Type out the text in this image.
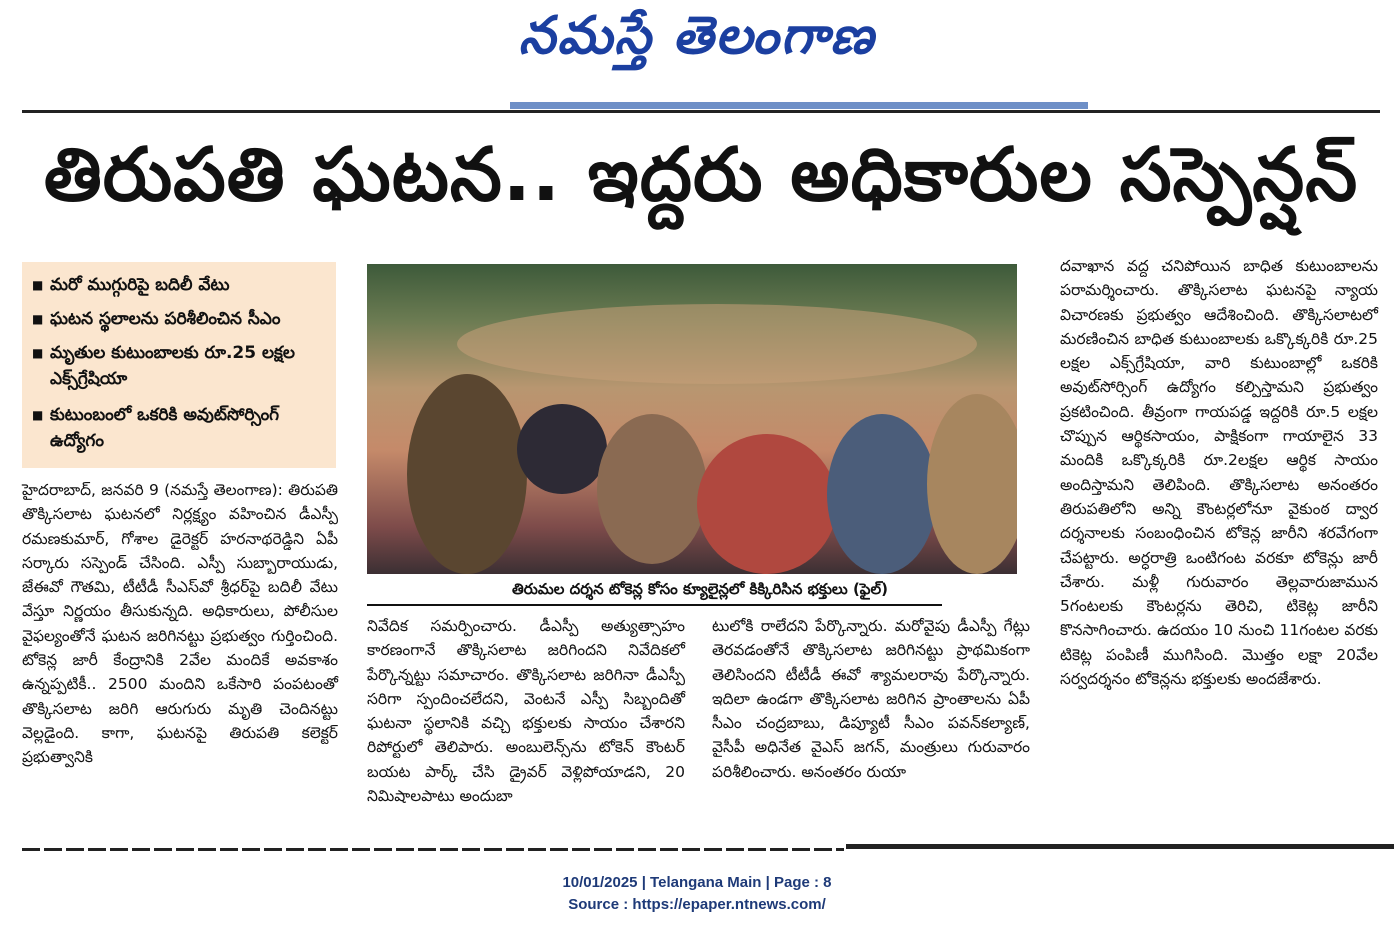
నమస్తే తెలంగాణ
తిరుపతి ఘటన.. ఇద్దరు అధికారుల సస్పెన్షన్‌
■ మరో ముగ్గురిపై బదిలీ వేటు
■ ఘటన స్థలాలను పరిశీలించిన సీఎం
■ మృతుల కుటుంబాలకు రూ.25 లక్షల ఎక్స్‌గ్రేషియా
■ కుటుంబంలో ఒకరికి అవుట్‌సోర్సింగ్‌ ఉద్యోగం
తిరుమల దర్శన టోకెన్ల కోసం క్యూలైన్లలో కిక్కిరిసిన భక్తులు (ఫైల్‌)

హైదరాబాద్‌, జనవరి 9 (నమస్తే తెలంగాణ): తిరుపతి తొక్కిసలాట ఘటనలో నిర్లక్ష్యం వహించిన డీఎస్పీ రమణకుమార్‌, గోశాల డైరెక్టర్‌ హరనాథరెడ్డిని ఏపీ సర్కారు సస్పెండ్‌ చేసింది. ఎస్పీ సుబ్బారాయుడు, జేఈవో గౌతమి, టీటీడీ సీఎస్‌వో శ్రీధర్‌పై బదిలీ వేటు వేస్తూ నిర్ణయం తీసుకున్నది. అధికారులు, పోలీసుల వైఫల్యంతోనే ఘటన జరిగినట్టు ప్రభుత్వం గుర్తించింది. టోకెన్ల జారీ కేంద్రానికి 2వేల మందికే అవకాశం ఉన్నప్పటికీ.. 2500 మందిని ఒకేసారి పంపటంతో తొక్కిసలాట జరిగి ఆరుగురు మృతి చెందినట్టు వెల్లడైంది. కాగా, ఘటనపై తిరుపతి కలెక్టర్‌ ప్రభుత్వానికి

నివేదిక సమర్పించారు. డీఎస్పీ అత్యుత్సాహం కారణంగానే తొక్కిసలాట జరిగిందని నివేదికలో పేర్కొన్నట్టు సమాచారం. తొక్కిసలాట జరిగినా డీఎస్పీ సరిగా స్పందించలేదని, వెంటనే ఎస్పీ సిబ్బందితో ఘటనా స్థలానికి వచ్చి భక్తులకు సాయం చేశారని రిపోర్టులో తెలిపారు. అంబులెన్స్‌ను టోకెన్‌ కౌంటర్‌ బయట పార్క్‌ చేసి డ్రైవర్‌ వెళ్లిపోయాడని, 20 నిమిషాలపాటు అందుబా

టులోకి రాలేదని పేర్కొన్నారు. మరోవైపు డీఎస్పీ గేట్లు తెరవడంతోనే తొక్కిసలాట జరిగినట్టు ప్రాథమికంగా తెలిసిందని టీటీడీ ఈవో శ్యామలరావు పేర్కొన్నారు. ఇదిలా ఉండగా తొక్కిసలాట జరిగిన ప్రాంతాలను ఏపీ సీఎం చంద్రబాబు, డిప్యూటీ సీఎం పవన్‌కల్యాణ్‌, వైసీపీ అధినేత వైఎస్‌ జగన్‌, మంత్రులు గురువారం పరిశీలించారు. అనంతరం రుయా

దవాఖాన వద్ద చనిపోయిన బాధిత కుటుంబాలను పరామర్శించారు. తొక్కిసలాట ఘటనపై న్యాయ విచారణకు ప్రభుత్వం ఆదేశించింది. తొక్కిసలాటలో మరణించిన బాధిత కుటుంబాలకు ఒక్కొక్కరికి రూ.25 లక్షల ఎక్స్‌గ్రేషియా, వారి కుటుంబాల్లో ఒకరికి అవుట్‌సోర్సింగ్‌ ఉద్యోగం కల్పిస్తామని ప్రభుత్వం ప్రకటించింది. తీవ్రంగా గాయపడ్డ ఇద్దరికి రూ.5 లక్షల చొప్పున ఆర్థికసాయం, పాక్షికంగా గాయాలైన 33 మందికి ఒక్కొక్కరికి రూ.2లక్షల ఆర్థిక సాయం అందిస్తామని తెలిపింది. తొక్కిసలాట అనంతరం తిరుపతిలోని అన్ని కౌంటర్లలోనూ వైకుంఠ ద్వార దర్శనాలకు సంబంధించిన టోకెన్ల జారీని శరవేగంగా చేపట్టారు. అర్ధరాత్రి ఒంటిగంట వరకూ టోకెన్లు జారీ చేశారు. మళ్లీ గురువారం తెల్లవారుజామున 5గంటలకు కౌంటర్లను తెరిచి, టికెట్ల జారీని కొనసాగించారు. ఉదయం 10 నుంచి 11గంటల వరకు టికెట్ల పంపిణీ ముగిసింది. మొత్తం లక్షా 20వేల సర్వదర్శనం టోకెన్లను భక్తులకు అందజేశారు.

10/01/2025 | Telangana Main | Page : 8
Source : https://epaper.ntnews.com/
